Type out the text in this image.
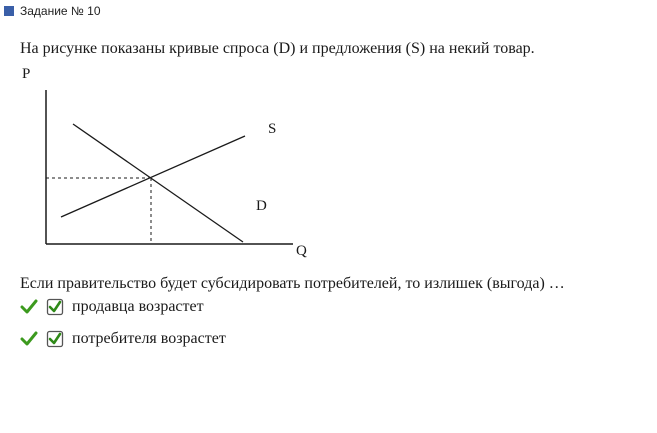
Задание № 10
На рисунке показаны кривые спроса (D) и предложения (S) на некий товар.
P
Q
S
D
Если правительство будет субсидировать потребителей, то излишек (выгода) …
продавца возрастет
потребителя возрастет
